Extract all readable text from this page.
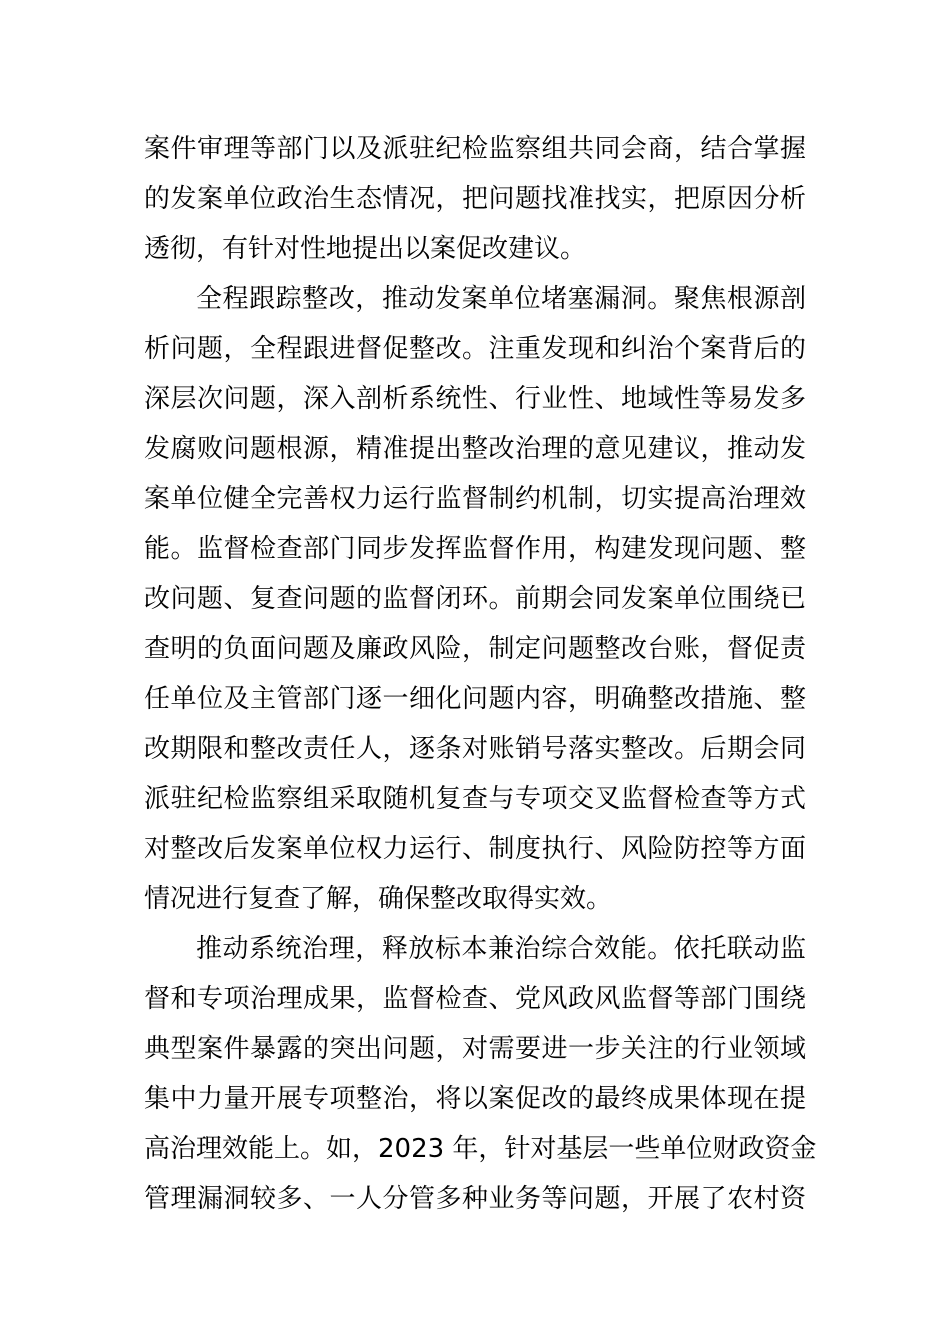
案件审理等部门以及派驻纪检监察组共同会商，结合掌握
的发案单位政治生态情况，把问题找准找实，把原因分析
透彻，有针对性地提出以案促改建议。
全程跟踪整改，推动发案单位堵塞漏洞。聚焦根源剖
析问题，全程跟进督促整改。注重发现和纠治个案背后的
深层次问题，深入剖析系统性、行业性、地域性等易发多
发腐败问题根源，精准提出整改治理的意见建议，推动发
案单位健全完善权力运行监督制约机制，切实提高治理效
能。监督检查部门同步发挥监督作用，构建发现问题、整
改问题、复查问题的监督闭环。前期会同发案单位围绕已
查明的负面问题及廉政风险，制定问题整改台账，督促责
任单位及主管部门逐一细化问题内容，明确整改措施、整
改期限和整改责任人，逐条对账销号落实整改。后期会同
派驻纪检监察组采取随机复查与专项交叉监督检查等方式
对整改后发案单位权力运行、制度执行、风险防控等方面
情况进行复查了解，确保整改取得实效。
推动系统治理，释放标本兼治综合效能。依托联动监
督和专项治理成果，监督检查、党风政风监督等部门围绕
典型案件暴露的突出问题，对需要进一步关注的行业领域
集中力量开展专项整治，将以案促改的最终成果体现在提
高治理效能上。如，2023 年，针对基层一些单位财政资金
管理漏洞较多、一人分管多种业务等问题，开展了农村资
